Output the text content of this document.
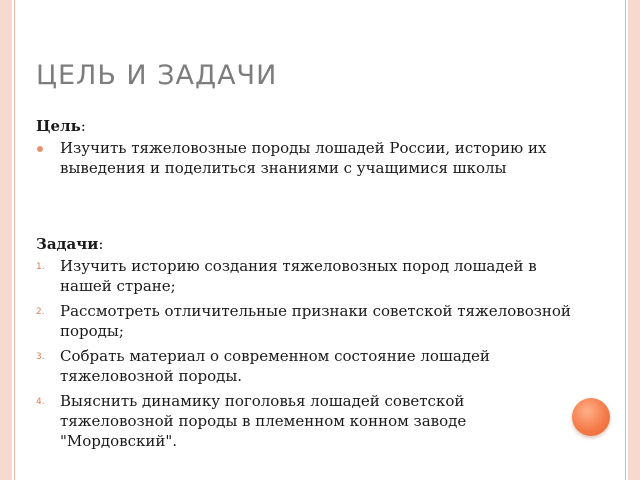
ЦЕЛЬ И ЗАДАЧИ

Цель:

Изучить тяжеловозные породы лошадей России, историю их выведения и поделиться знаниями с учащимися школы

Задачи:

1. Изучить историю создания тяжеловозных пород лошадей в нашей стране;
2. Рассмотреть отличительные признаки советской тяжеловозной породы;
3. Собрать материал о современном состояние лошадей тяжеловозной породы.
4. Выяснить динамику поголовья лошадей советской тяжеловозной породы в племенном конном заводе "Мордовский".
